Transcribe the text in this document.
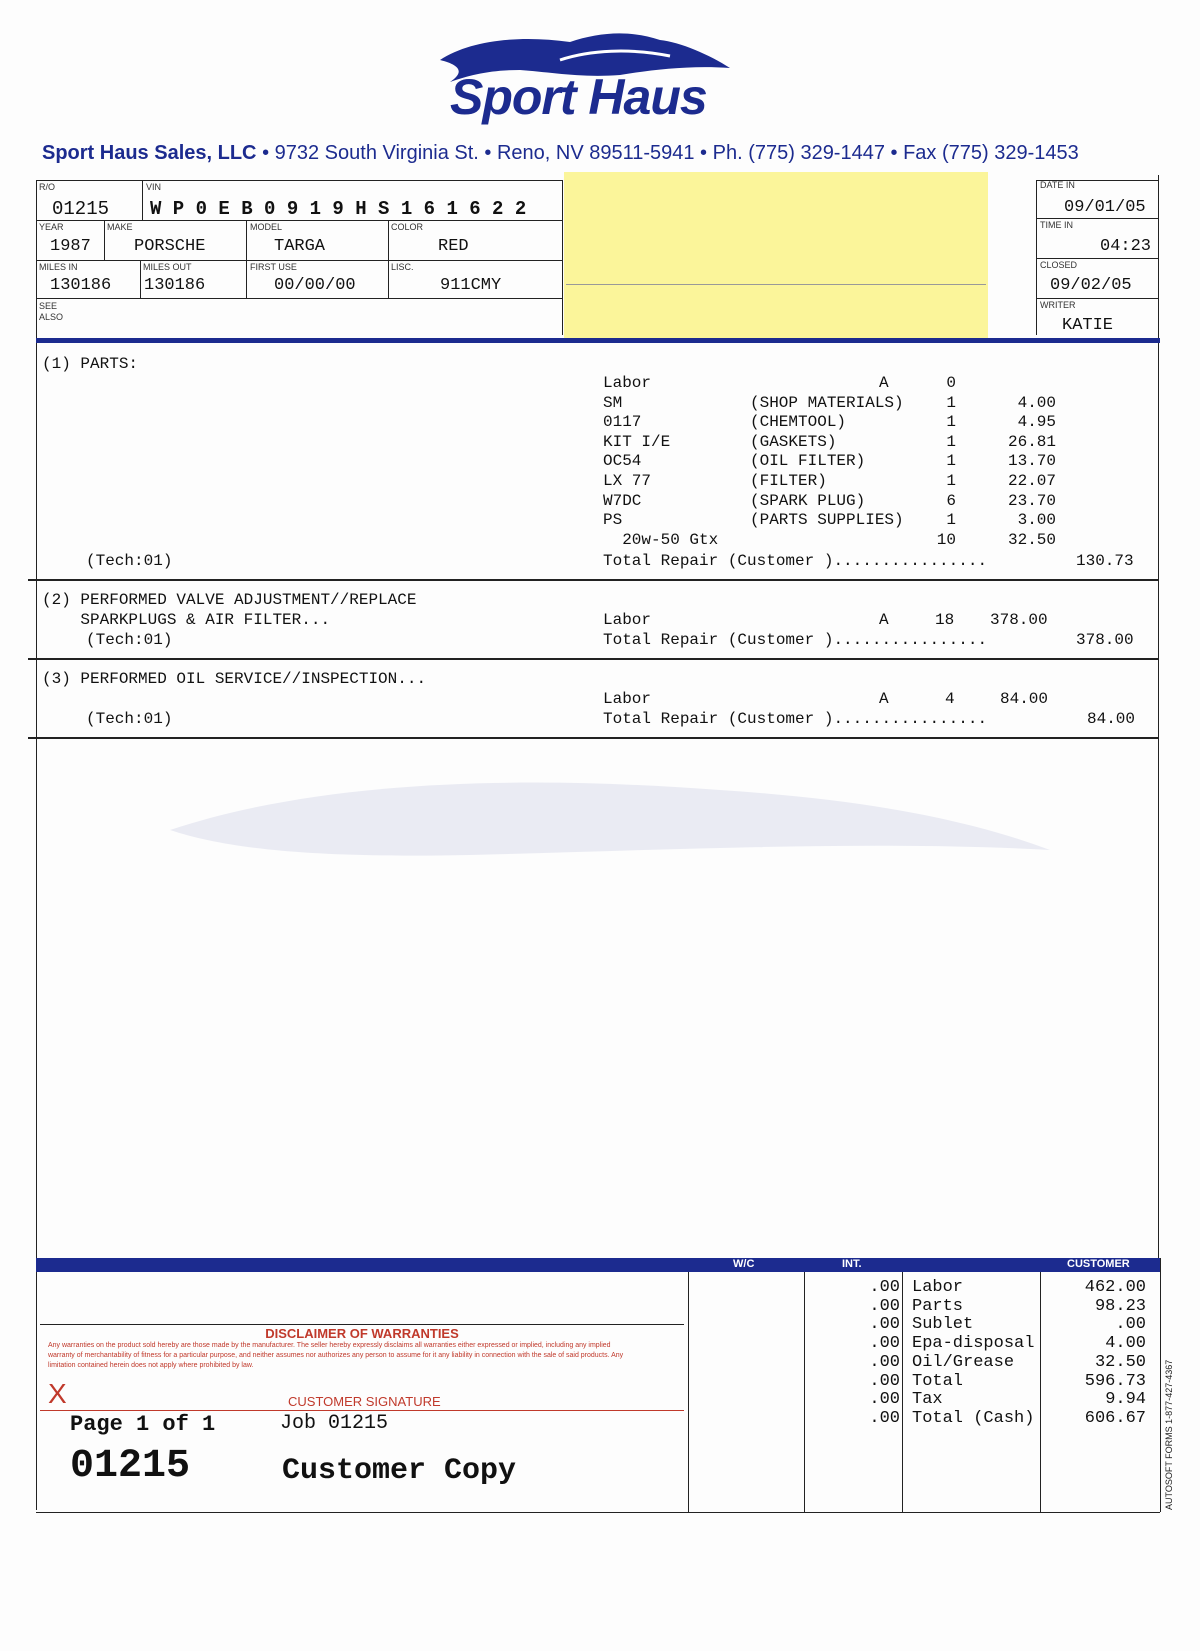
Sport Haus
Sport Haus Sales, LLC • 9732 South Virginia St. • Reno, NV 89511-5941 • Ph. (775) 329-1447 • Fax (775) 329-1453
R/O
01215
VIN
W P 0 E B 0 9 1 9 H S 1 6 1 6 2 2
YEAR
1987
MAKE
PORSCHE
MODEL
TARGA
COLOR
RED
MILES IN
130186
MILES OUT
130186
FIRST USE
00/00/00
LISC.
911CMY
SEE ALSO
DATE IN
09/01/05
TIME IN
04:23
CLOSED
09/02/05
WRITER
KATIE
(1) PARTS:
Labor	A	0
SM	(SHOP MATERIALS)	1	4.00
0117	(CHEMTOOL)	1	4.95
KIT I/E	(GASKETS)	1	26.81
OC54	(OIL FILTER)	1	13.70
LX 77	(FILTER)	1	22.07
W7DC	(SPARK PLUG)	6	23.70
PS	(PARTS SUPPLIES)	1	3.00
20w-50 Gtx	10	32.50
(Tech:01)	Total Repair (Customer )................	130.73
(2) PERFORMED VALVE ADJUSTMENT//REPLACE
SPARKPLUGS & AIR FILTER...
(Tech:01)
Labor	A	18 378.00
Total Repair (Customer )................	378.00
(3) PERFORMED OIL SERVICE//INSPECTION...
Labor	A	4	84.00
(Tech:01)	Total Repair (Customer )................	84.00
W/C	INT.	CUSTOMER
DISCLAIMER OF WARRANTIES
Any warranties on the product sold hereby are those made by the manufacturer. The seller hereby expressly disclaims all warranties either expressed or implied, including any implied warranty of merchantability of fitness for a particular purpose, and neither assumes nor authorizes any person to assume for it any liability in connection with the sale of said products. Any limitation contained herein does not apply where prohibited by law.
X	CUSTOMER SIGNATURE
Page 1 of 1	Job 01215
01215	Customer Copy
.00 Labor	462.00
.00 Parts	98.23
.00 Sublet	.00
.00 Epa-disposal	4.00
.00 Oil/Grease	32.50
.00 Total	596.73
.00 Tax	9.94
.00 Total (Cash)	606.67 AUTOSOFT FORMS 1-877-427-4367
